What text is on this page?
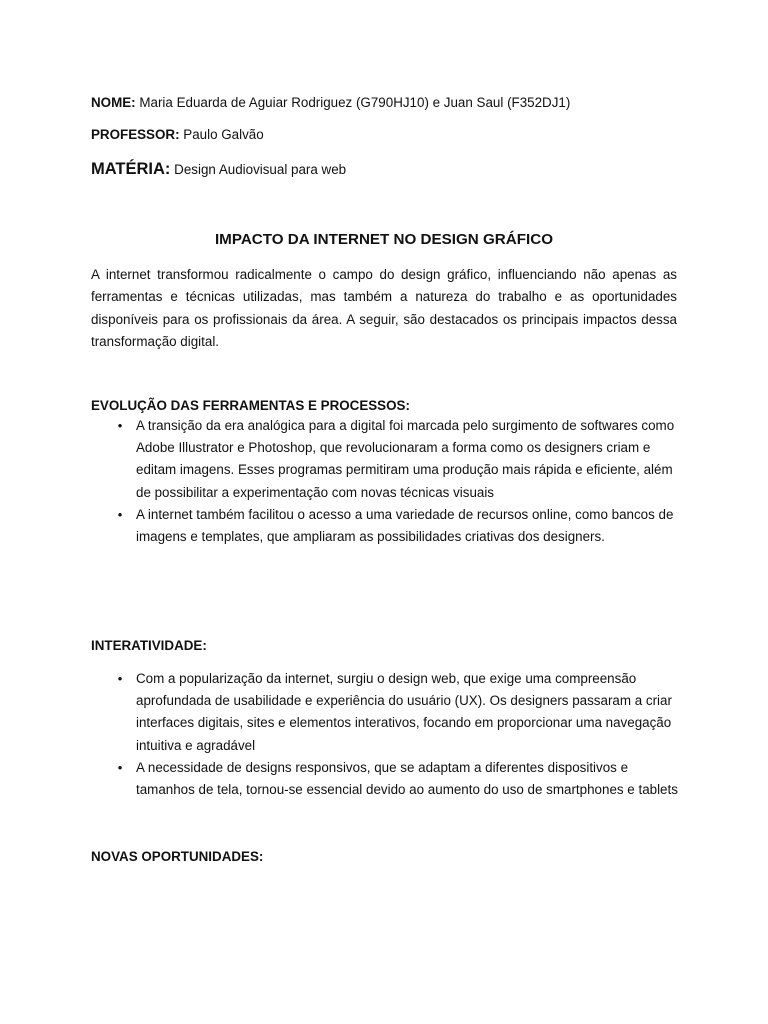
NOME: Maria Eduarda de Aguiar Rodriguez (G790HJ10) e Juan Saul (F352DJ1)
PROFESSOR: Paulo Galvão
MATÉRIA: Design Audiovisual para web
IMPACTO DA INTERNET NO DESIGN GRÁFICO

A internet transformou radicalmente o campo do design gráfico, influenciando não apenas as ferramentas e técnicas utilizadas, mas também a natureza do trabalho e as oportunidades disponíveis para os profissionais da área. A seguir, são destacados os principais impactos dessa transformação digital.

EVOLUÇÃO DAS FERRAMENTAS E PROCESSOS:
•	A transição da era analógica para a digital foi marcada pelo surgimento de softwares como Adobe Illustrator e Photoshop, que revolucionaram a forma como os designers criam e editam imagens. Esses programas permitiram uma produção mais rápida e eficiente, além de possibilitar a experimentação com novas técnicas visuais
•	A internet também facilitou o acesso a uma variedade de recursos online, como bancos de imagens e templates, que ampliaram as possibilidades criativas dos designers.
INTERATIVIDADE:
•	Com a popularização da internet, surgiu o design web, que exige uma compreensão aprofundada de usabilidade e experiência do usuário (UX). Os designers passaram a criar interfaces digitais, sites e elementos interativos, focando em proporcionar uma navegação intuitiva e agradável
•	A necessidade de designs responsivos, que se adaptam a diferentes dispositivos e tamanhos de tela, tornou-se essencial devido ao aumento do uso de smartphones e tablets
NOVAS OPORTUNIDADES:
